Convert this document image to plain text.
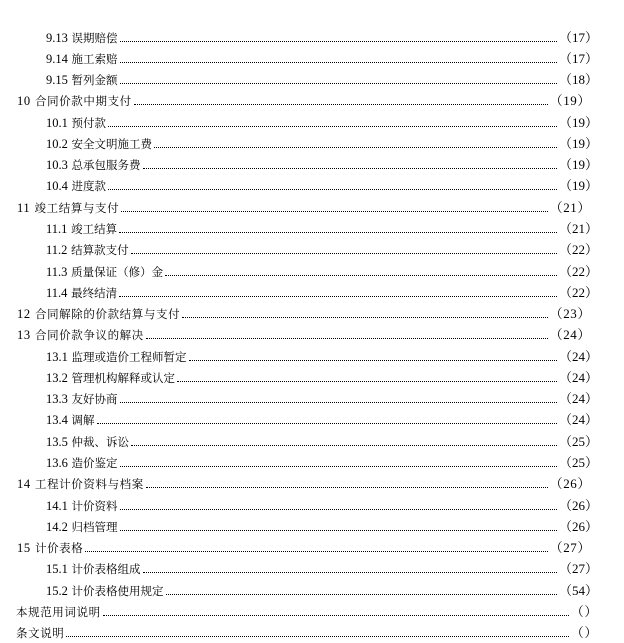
9.13 误期赔偿	（17）
9.14 施工索赔	（17）
9.15 暂列金额	（18）
10 合同价款中期支付	（19）
10.1 预付款	（19）
10.2 安全文明施工费	（19）
10.3 总承包服务费	（19）
10.4 进度款	（19）
11 竣工结算与支付	（21）
11.1 竣工结算	（21）
11.2 结算款支付	（22）
11.3 质量保证（修）金	（22）
11.4 最终结清	（22）
12 合同解除的价款结算与支付	（23）
13 合同价款争议的解决	（24）
13.1 监理或造价工程师暂定	（24）
13.2 管理机构解释或认定	（24）
13.3 友好协商	（24）
13.4 调解	（24）
13.5 仲裁、诉讼	（25）
13.6 造价鉴定	（25）
14 工程计价资料与档案	（26）
14.1 计价资料	（26）
14.2 归档管理	（26）
15 计价表格	（27）
15.1 计价表格组成	（27）
15.2 计价表格使用规定	（54）
本规范用词说明	（）
条文说明	（）
